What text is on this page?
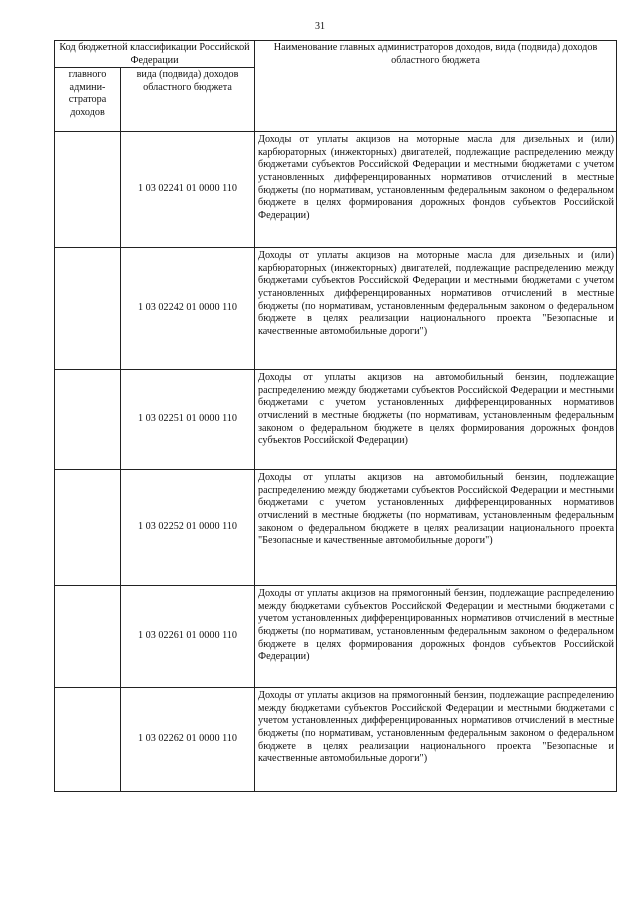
31
Код бюджетной классификации Российской Федерации		Наименование главных администраторов доходов, вида (подвида) доходов областного бюджета
главного админи-стратора доходов	вида (подвида) доходов областного бюджета	
	1 03 02241 01 0000 110	Доходы от уплаты акцизов на моторные масла для дизельных и (или) карбюраторных (инжекторных) двигателей, подлежащие распределению между бюджетами субъектов Российской Федерации и местными бюджетами с учетом установленных дифференцированных нормативов отчислений в местные бюджеты (по нормативам, установленным федеральным законом о федеральном бюджете в целях формирования дорожных фондов субъектов Российской Федерации)
	1 03 02242 01 0000 110	Доходы от уплаты акцизов на моторные масла для дизельных и (или) карбюраторных (инжекторных) двигателей, подлежащие распределению между бюджетами субъектов Российской Федерации и местными бюджетами с учетом установленных дифференцированных нормативов отчислений в местные бюджеты (по нормативам, установленным федеральным законом о федеральном бюджете в целях реализации национального проекта "Безопасные и качественные автомобильные дороги")
	1 03 02251 01 0000 110	Доходы от уплаты акцизов на автомобильный бензин, подлежащие распределению между бюджетами субъектов Российской Федерации и местными бюджетами с учетом установленных дифференцированных нормативов отчислений в местные бюджеты (по нормативам, установленным федеральным законом о федеральном бюджете в целях формирования дорожных фондов субъектов Российской Федерации)
	1 03 02252 01 0000 110	Доходы от уплаты акцизов на автомобильный бензин, подлежащие распределению между бюджетами субъектов Российской Федерации и местными бюджетами с учетом установленных дифференцированных нормативов отчислений в местные бюджеты (по нормативам, установленным федеральным законом о федеральном бюджете в целях реализации национального проекта "Безопасные и качественные автомобильные дороги")
	1 03 02261 01 0000 110	Доходы от уплаты акцизов на прямогонный бензин, подлежащие распределению между бюджетами субъектов Российской Федерации и местными бюджетами с учетом установленных дифференцированных нормативов отчислений в местные бюджеты (по нормативам, установленным федеральным законом о федеральном бюджете в целях формирования дорожных фондов субъектов Российской Федерации)
	1 03 02262 01 0000 110	Доходы от уплаты акцизов на прямогонный бензин, подлежащие распределению между бюджетами субъектов Российской Федерации и местными бюджетами с учетом установленных дифференцированных нормативов отчислений в местные бюджеты (по нормативам, установленным федеральным законом о федеральном бюджете в целях реализации национального проекта "Безопасные и качественные автомобильные дороги")
